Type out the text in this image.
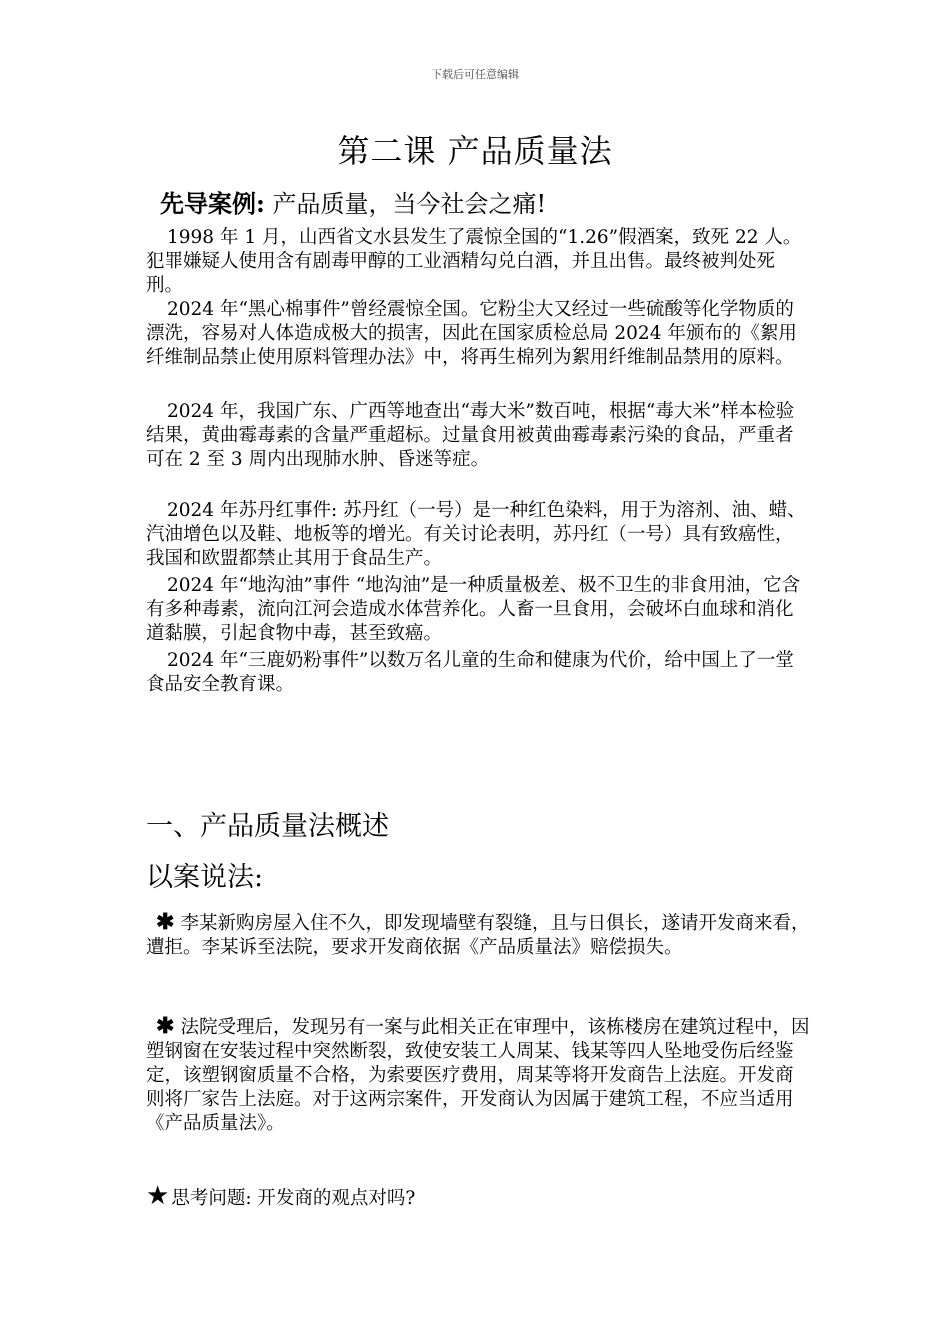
下载后可任意编辑
第二课 产品质量法
先导案例: 产品质量，当今社会之痛!

1998 年 1 月，山西省文水县发生了震惊全国的“1.26”假酒案，致死 22 人。犯罪嫌疑人使用含有剧毒甲醇的工业酒精勾兑白酒，并且出售。最终被判处死刑。

2024 年“黑心棉事件”曾经震惊全国。它粉尘大又经过一些硫酸等化学物质的漂洗，容易对人体造成极大的损害，因此在国家质检总局 2024 年颁布的《絮用纤维制品禁止使用原料管理办法》中，将再生棉列为絮用纤维制品禁用的原料。

2024 年，我国广东、广西等地查出“毒大米”数百吨，根据“毒大米”样本检验结果，黄曲霉毒素的含量严重超标。过量食用被黄曲霉毒素污染的食品，严重者可在 2 至 3 周内出现肺水肿、昏迷等症。

2024 年苏丹红事件: 苏丹红（一号）是一种红色染料，用于为溶剂、油、蜡、汽油增色以及鞋、地板等的增光。有关讨论表明，苏丹红（一号）具有致癌性，我国和欧盟都禁止其用于食品生产。

2024 年“地沟油”事件 “地沟油”是一种质量极差、极不卫生的非食用油，它含有多种毒素，流向江河会造成水体营养化。人畜一旦食用，会破坏白血球和消化道黏膜，引起食物中毒，甚至致癌。

2024 年“三鹿奶粉事件”以数万名儿童的生命和健康为代价，给中国上了一堂食品安全教育课。

一、产品质量法概述
以案说法:

✱ 李某新购房屋入住不久，即发现墙壁有裂缝，且与日俱长，遂请开发商来看，遭拒。李某诉至法院，要求开发商依据《产品质量法》赔偿损失。

✱ 法院受理后，发现另有一案与此相关正在审理中，该栋楼房在建筑过程中，因塑钢窗在安装过程中突然断裂，致使安装工人周某、钱某等四人坠地受伤后经鉴定，该塑钢窗质量不合格，为索要医疗费用，周某等将开发商告上法庭。开发商则将厂家告上法庭。对于这两宗案件，开发商认为因属于建筑工程，不应当适用《产品质量法》。

★ 思考问题: 开发商的观点对吗?
